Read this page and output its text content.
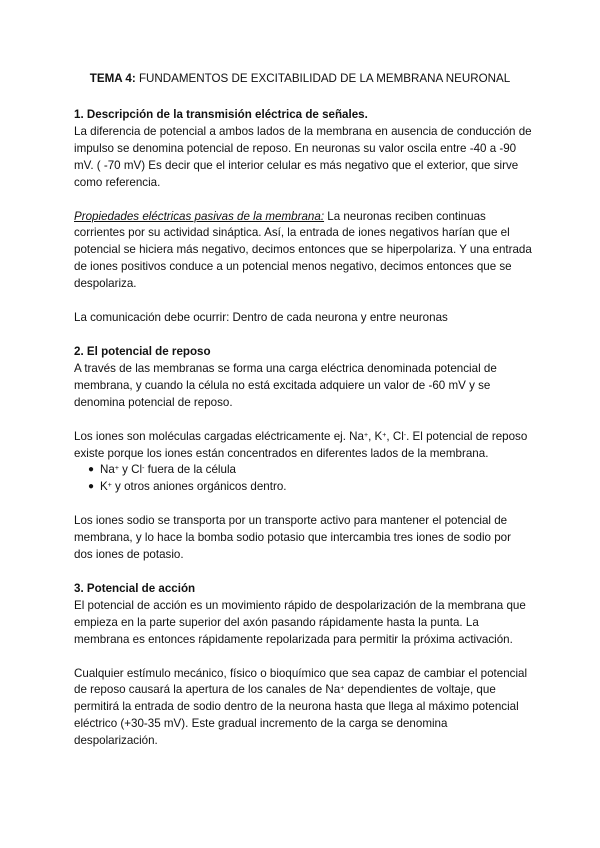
TEMA 4: FUNDAMENTOS DE EXCITABILIDAD DE LA MEMBRANA NEURONAL

1. Descripción de la transmisión eléctrica de señales.

La diferencia de potencial a ambos lados de la membrana en ausencia de conducción de impulso se denomina potencial de reposo. En neuronas su valor oscila entre -40 a -90 mV. ( -70 mV) Es decir que el interior celular es más negativo que el exterior, que sirve como referencia.

Propiedades eléctricas pasivas de la membrana: La neuronas reciben continuas corrientes por su actividad sináptica. Así, la entrada de iones negativos harían que el potencial se hiciera más negativo, decimos entonces que se hiperpolariza. Y una entrada de iones positivos conduce a un potencial menos negativo, decimos entonces que se despolariza.

La comunicación debe ocurrir: Dentro de cada neurona y entre neuronas

2. El potencial de reposo

A través de las membranas se forma una carga eléctrica denominada potencial de membrana, y cuando la célula no está excitada adquiere un valor de -60 mV y se denomina potencial de reposo.

Los iones son moléculas cargadas eléctricamente ej. Na+, K+, Cl-. El potencial de reposo existe porque los iones están concentrados en diferentes lados de la membrana.

● Na+ y Cl- fuera de la célula
● K+ y otros aniones orgánicos dentro.

Los iones sodio se transporta por un transporte activo para mantener el potencial de membrana, y lo hace la bomba sodio potasio que intercambia tres iones de sodio por dos iones de potasio.

3. Potencial de acción

El potencial de acción es un movimiento rápido de despolarización de la membrana que empieza en la parte superior del axón pasando rápidamente hasta la punta. La membrana es entonces rápidamente repolarizada para permitir la próxima activación.

Cualquier estímulo mecánico, físico o bioquímico que sea capaz de cambiar el potencial de reposo causará la apertura de los canales de Na+ dependientes de voltaje, que permitirá la entrada de sodio dentro de la neurona hasta que llega al máximo potencial eléctrico (+30-35 mV). Este gradual incremento de la carga se denomina despolarización.
